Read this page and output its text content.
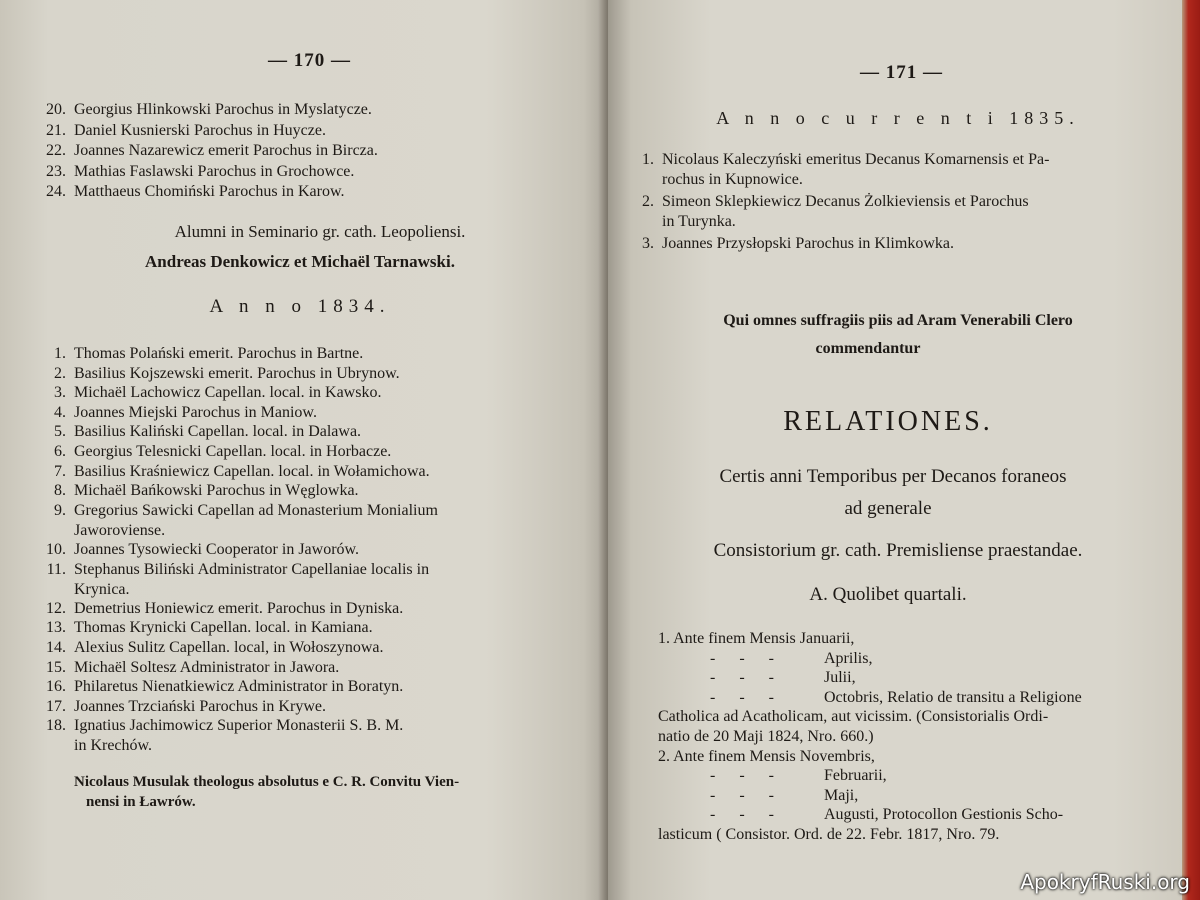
— 170 —
20. Georgius Hlinkowski Parochus in Myslatycze.
21. Daniel Kusnierski Parochus in Huycze.
22. Joannes Nazarewicz emerit Parochus in Bircza.
23. Mathias Faslawski Parochus in Grochowce.
24. Matthaeus Chomiński Parochus in Karow.
Alumni in Seminario gr. cath. Leopoliensi.
Andreas Denkowicz et Michaël Tarnawski.
A n n o 1834.
1. Thomas Polański emerit. Parochus in Bartne.
2. Basilius Kojszewski emerit. Parochus in Ubrynow.
3. Michaël Lachowicz Capellan. local. in Kawsko.
4. Joannes Miejski Parochus in Maniow.
5. Basilius Kaliński Capellan. local. in Dalawa.
6. Georgius Telesnicki Capellan. local. in Horbacze.
7. Basilius Kraśniewicz Capellan. local. in Wołamichowa.
8. Michaël Bańkowski Parochus in Węglowka.
9. Gregorius Sawicki Capellan ad Monasterium Monialium
Jaworoviense.
10. Joannes Tysowiecki Cooperator in Jaworów.
11. Stephanus Biliński Administrator Capellaniae localis in
Krynica.
12. Demetrius Honiewicz emerit. Parochus in Dyniska.
13. Thomas Krynicki Capellan. local. in Kamiana.
14. Alexius Sulitz Capellan. local, in Wołoszynowa.
15. Michaël Soltesz Administrator in Jawora.
16. Philaretus Nienatkiewicz Administrator in Boratyn.
17. Joannes Trzciański Parochus in Krywe.
18. Ignatius Jachimowicz Superior Monasterii S. B. M.
in Krechów.
Nicolaus Musulak theologus absolutus e C. R. Convitu Vien-
nensi in Ławrów.
— 171 —
A n n o c u r r e n t i 1835.
1. Nicolaus Kaleczyński emeritus Decanus Komarnensis et Pa-
rochus in Kupnowice.
2. Simeon Sklepkiewicz Decanus Żolkieviensis et Parochus
in Turynka.
3. Joannes Przysłopski Parochus in Klimkowka.
Qui omnes suffragiis piis ad Aram Venerabili Clero
commendantur
RELATIONES.
Certis anni Temporibus per Decanos foraneos
ad generale
Consistorium gr. cath. Premisliense praestandae.
A. Quolibet quartali.
1. Ante finem Mensis Januarii,
-      -      -	Aprilis,
-      -      -	Julii,
-      -      -	Octobris, Relatio de transitu a Religione
Catholica ad Acatholicam, aut vicissim. (Consistorialis Ordi-
natio de 20 Maji 1824, Nro. 660.)
2. Ante finem Mensis Novembris,
-      -      -	Februarii,
-      -      -	Maji,
-      -      -	Augusti, Protocollon Gestionis Scho-
lasticum ( Consistor. Ord. de 22. Febr. 1817, Nro. 79.
ApokryfRuski.org
